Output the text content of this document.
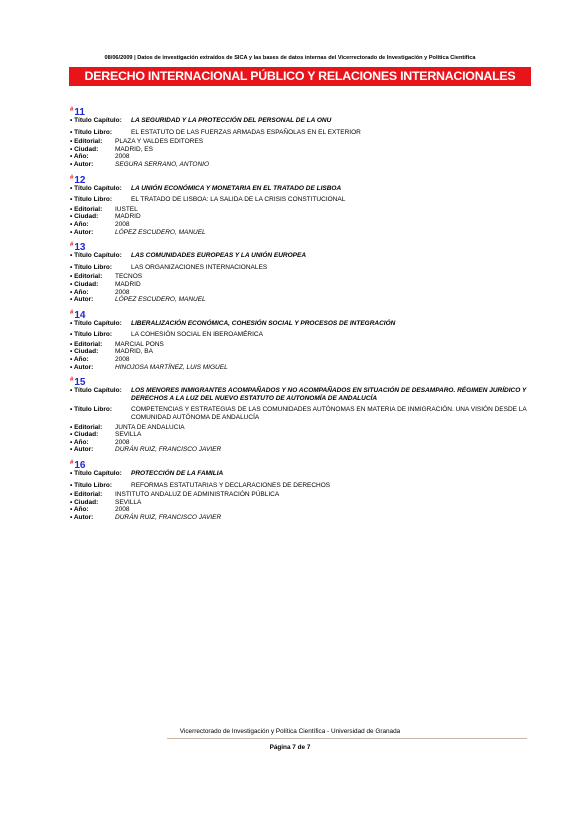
08/06/2009 | Datos de investigación extraídos de SICA y las bases de datos internas del Vicerrectorado de Investigación y Política Científica
DERECHO INTERNACIONAL PÚBLICO Y RELACIONES INTERNACIONALES
#11
• Título Capítulo:	LA SEGURIDAD Y LA PROTECCIÓN DEL PERSONAL DE LA ONU
• Título Libro:	EL ESTATUTO DE LAS FUERZAS ARMADAS ESPAÑOLAS EN EL EXTERIOR
• Editorial:	PLAZA Y VALDES EDITORES
• Ciudad:	MADRID, ES
• Año:	2008
• Autor:	SEGURA SERRANO, ANTONIO
#12
• Título Capítulo:	LA UNIÓN ECONÓMICA Y MONETARIA EN EL TRATADO DE LISBOA
• Título Libro:	EL TRATADO DE LISBOA: LA SALIDA DE LA CRISIS CONSTITUCIONAL
• Editorial:	IUSTEL
• Ciudad:	MADRID
• Año:	2008
• Autor:	LÓPEZ ESCUDERO, MANUEL
#13
• Título Capítulo:	LAS COMUNIDADES EUROPEAS Y LA UNIÓN EUROPEA
• Título Libro:	LAS ORGANIZACIONES INTERNACIONALES
• Editorial:	TECNOS
• Ciudad:	MADRID
• Año:	2008
• Autor:	LÓPEZ ESCUDERO, MANUEL
#14
• Título Capítulo:	LIBERALIZACIÓN ECONÓMICA, COHESIÓN SOCIAL Y PROCESOS DE INTEGRACIÓN
• Título Libro:	LA COHESIÓN SOCIAL EN IBEROAMÉRICA
• Editorial:	MARCIAL PONS
• Ciudad:	MADRID, BA
• Año:	2008
• Autor:	HINOJOSA MARTÍNEZ, LUIS MIGUEL
#15
• Título Capítulo:	LOS MENORES INMIGRANTES ACOMPAÑADOS Y NO ACOMPAÑADOS EN SITUACIÓN DE DESAMPARO. RÉGIMEN JURÍDICO Y DERECHOS A LA LUZ DEL NUEVO ESTATUTO DE AUTONOMÍA DE ANDALUCÍA
• Título Libro:	COMPETENCIAS Y ESTRATEGIAS DE LAS COMUNIDADES AUTÓNOMAS EN MATERIA DE INMIGRACIÓN. UNA VISIÓN DESDE LA COMUNIDAD AUTÓNOMA DE ANDALUCÍA
• Editorial:	JUNTA DE ANDALUCIA
• Ciudad:	SEVILLA
• Año:	2008
• Autor:	DURÁN RUIZ, FRANCISCO JAVIER
#16
• Título Capítulo:	PROTECCIÓN DE LA FAMILIA
• Título Libro:	REFORMAS ESTATUTARIAS Y DECLARACIONES DE DERECHOS
• Editorial:	INSTITUTO ANDALUZ DE ADMINISTRACIÓN PÚBLICA
• Ciudad:	SEVILLA
• Año:	2008
• Autor:	DURÁN RUIZ, FRANCISCO JAVIER
Vicerrectorado de Investigación y Política Científica - Universidad de Granada
Página 7 de 7
